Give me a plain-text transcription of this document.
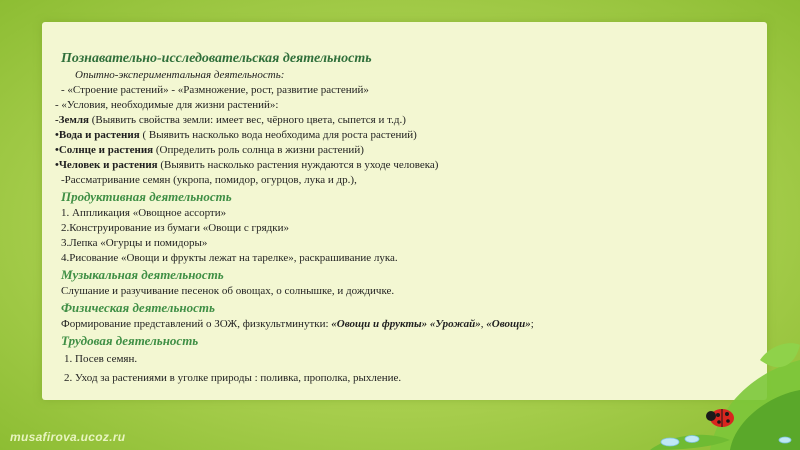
Познавательно-исследовательская деятельность
Опытно-экспериментальная деятельность:
- «Строение растений» - «Размножение, рост, развитие растений»
- «Условия, необходимые для жизни растений»:
-Земля (Выявить свойства земли: имеет вес, чёрного цвета, сыпется и т.д.)
•Вода и растения ( Выявить насколько вода необходима для роста растений)
•Солнце и растения (Определить роль солнца в жизни растений)
•Человек и растения (Выявить насколько растения нуждаются в уходе человека)
-Рассматривание семян (укропа, помидор, огурцов, лука и др.),
Продуктивная деятельность
1. Аппликация «Овощное ассорти»
2.Конструирование из бумаги «Овощи с грядки»
3.Лепка «Огурцы и помидоры»
4.Рисование «Овощи и фрукты лежат на тарелке», раскрашивание лука.
Музыкальная деятельность
Слушание и разучивание песенок об овощах, о солнышке, и дождичке.
Физическая деятельность
Формирование представлений о ЗОЖ, физкультминутки: «Овощи и фрукты» «Урожай», «Овощи»;
Трудовая деятельность
1. Посев семян.
2. Уход за растениями в уголке природы : поливка, прополка, рыхление.
musafirova.ucoz.ru
